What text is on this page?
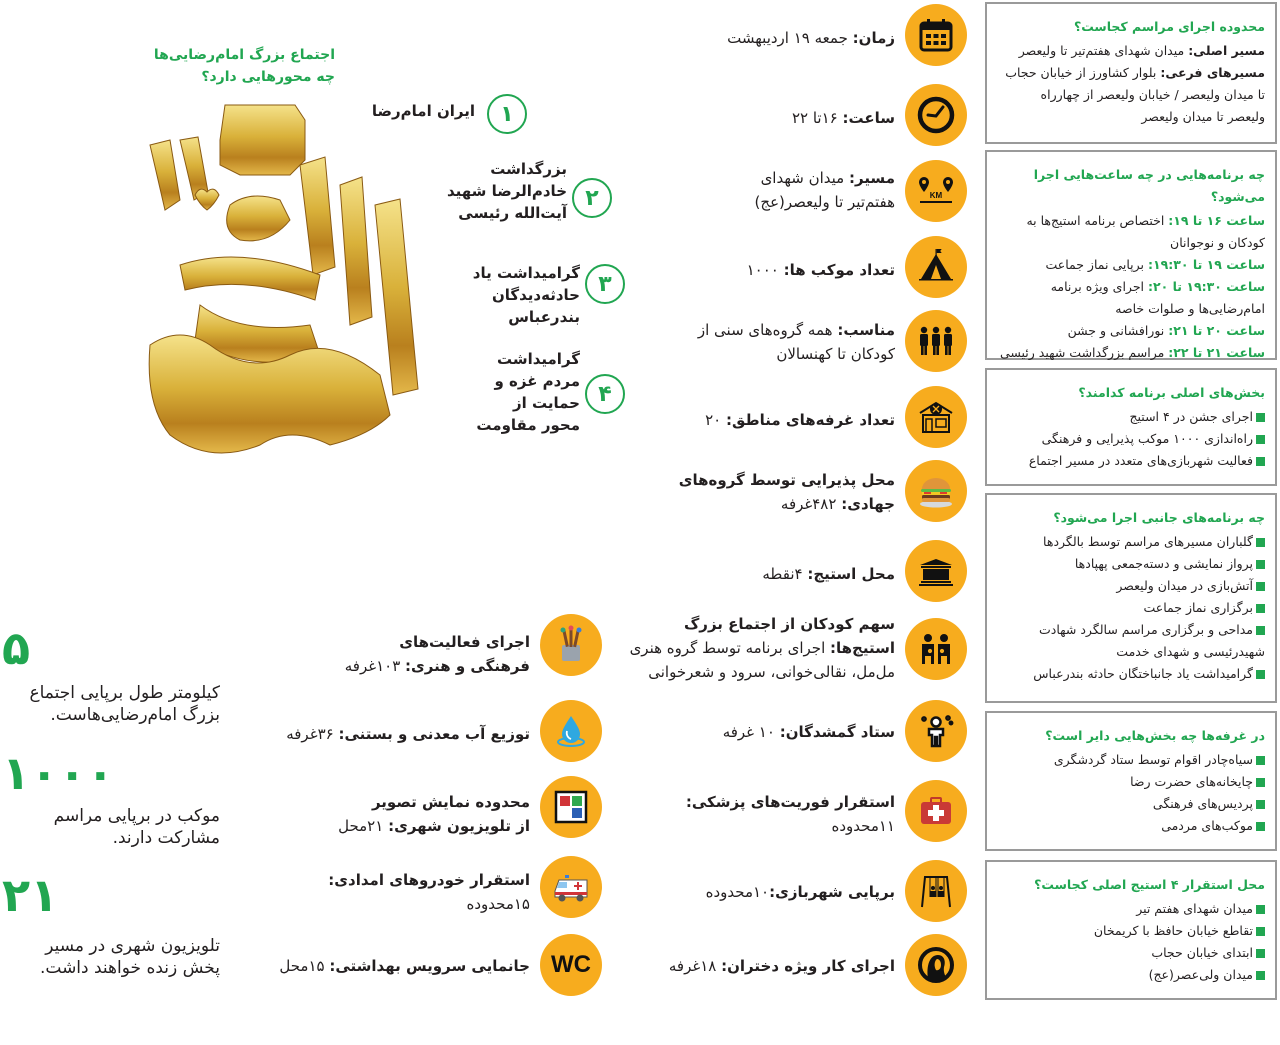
محدوده اجرای مراسم کجاست؟
مسیر اصلی: میدان شهدای هفتم‌تیر تا ولیعصر
مسیرهای فرعی: بلوار کشاورز از خیابان حجاب
تا میدان ولیعصر / خیابان ولیعصر از چهارراه
ولیعصر تا میدان ولیعصر
چه برنامه‌هایی در چه ساعت‌هایی اجرا می‌شود؟
ساعت ۱۶ تا ۱۹: اختصاص برنامه استیج‌ها به
کودکان و نوجوانان
ساعت ۱۹ تا ۱۹:۳۰: برپایی نماز جماعت
ساعت ۱۹:۳۰ تا ۲۰: اجرای ویژه برنامه
امام‌رضایی‌ها و صلوات خاصه
ساعت ۲۰ تا ۲۱: نورافشانی و جشن
ساعت ۲۱ تا ۲۲: مراسم بزرگداشت شهید رئیسی
بخش‌های اصلی برنامه کدامند؟
اجرای جشن در ۴ استیج
راه‌اندازی ۱۰۰۰ موکب پذیرایی و فرهنگی
فعالیت شهربازی‌های متعدد در مسیر اجتماع
چه برنامه‌های جانبی اجرا می‌شود؟
گلباران مسیرهای مراسم توسط بالگردها
پرواز نمایشی و دسته‌جمعی پهپادها
آتش‌بازی در میدان ولیعصر
برگزاری نماز جماعت
مداحی و برگزاری مراسم سالگرد شهادت
شهیدرئیسی و شهدای خدمت
گرامیداشت یاد جانباختگان حادثه بندرعباس
در غرفه‌ها چه بخش‌هایی دایر است؟
سیاه‌چادر اقوام توسط ستاد گردشگری
چایخانه‌های حضرت رضا
پردیس‌های فرهنگی
موکب‌های مردمی
محل استقرار ۴ استیج اصلی کجاست؟
میدان شهدای هفتم تیر
تقاطع خیابان حافظ با کریمخان
ابتدای خیابان حجاب
میدان ولی‌عصر(عج)
زمان: جمعه ۱۹ اردیبهشت
ساعت: ۱۶تا ۲۲
KM
مسیر: میدان شهدای
هفتم‌تیر تا ولیعصر(عج)
تعداد موکب ها: ۱۰۰۰
مناسب: همه گروه‌های سنی از
کودکان تا کهنسالان
تعداد غرفه‌های مناطق: ۲۰
محل پذیرایی توسط گروه‌های
جهادی: ۴۸۲غرفه
محل استیج: ۴نقطه
سهم کودکان از اجتماع بزرگ
استیج‌ها: اجرای برنامه توسط گروه هنری
مل‌مل، نقالی‌خوانی، سرود و شعرخوانی
ستاد گمشدگان: ۱۰ غرفه
استقرار فوریت‌های پزشکی:
۱۱محدوده
برپایی شهربازی:۱۰محدوده
اجرای کار ویژه دختران: ۱۸غرفه
اجرای فعالیت‌های
فرهنگی و هنری: ۱۰۳غرفه
توزیع آب معدنی و بستنی: ۳۶غرفه
محدوده نمایش تصویر
از تلویزیون شهری: ۲۱محل
استقرار خودروهای امدادی:
۱۵محدوده
WC
جانمایی سرویس بهداشتی: ۱۵محل
اجتماع بزرگ امام‌رضایی‌ها
چه محورهایی دارد؟
۱
ایران امام‌رضا
۲
بزرگداشت
خادم‌الرضا شهید
آیت‌الله رئیسی
۳
گرامیداشت یاد
حادثه‌دیدگان
بندرعباس
۴
گرامیداشت
مردم غزه و
حمایت از
محور مقاومت
۵
کیلومتر طول برپایی اجتماع
بزرگ امام‌رضایی‌هاست.
۱۰۰۰
موکب در برپایی مراسم
مشارکت دارند.
۲۱
تلویزیون شهری در مسیر
پخش زنده خواهند داشت.
